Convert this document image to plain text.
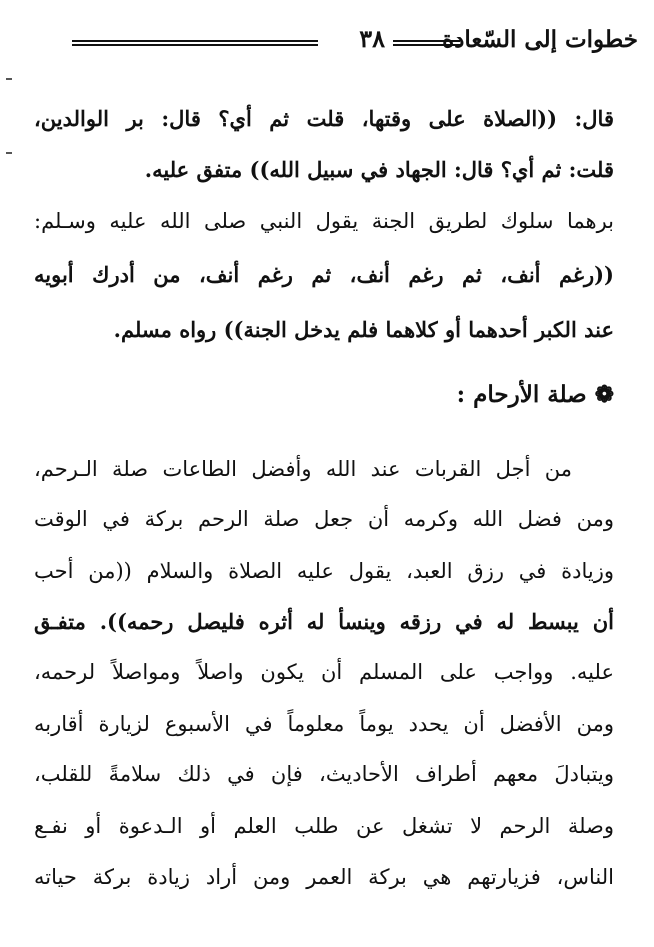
خطوات إلى السّعادة
٣٨
قال: ((الصلاة على وقتها، قلت ثم أي؟ قال: بر الوالدين،
قلت: ثم أي؟ قال: الجهاد في سبيل الله)) متفق عليه.
برهما سلوك لطريق الجنة يقول النبي صلى الله عليه وسـلم:
((رغم أنف، ثم رغم أنف، ثم رغم أنف، من أدرك أبويه
عند الكبر أحدهما أو كلاهما فلم يدخل الجنة)) رواه مسلم.
❁ صلة الأرحام :
من أجل القربات عند الله وأفضل الطاعات صلة الـرحم،
ومن فضل الله وكرمه أن جعل صلة الرحم بركة في الوقت
وزيادة في رزق العبد، يقول عليه الصلاة والسلام ((من أحب
أن يبسط له في رزقه وينسأ له أثره فليصل رحمه)). متفـق
عليه. وواجب على المسلم أن يكون واصلاً ومواصلاً لرحمه،
ومن الأفضل أن يحدد يوماً معلوماً في الأسبوع لزيارة أقاربه
ويتبادلَ معهم أطراف الأحاديث، فإن في ذلك سلامةً للقلب،
وصلة الرحم لا تشغل عن طلب العلم أو الـدعوة أو نفـع
الناس، فزيارتهم هي بركة العمر ومن أراد زيادة بركة حياته
